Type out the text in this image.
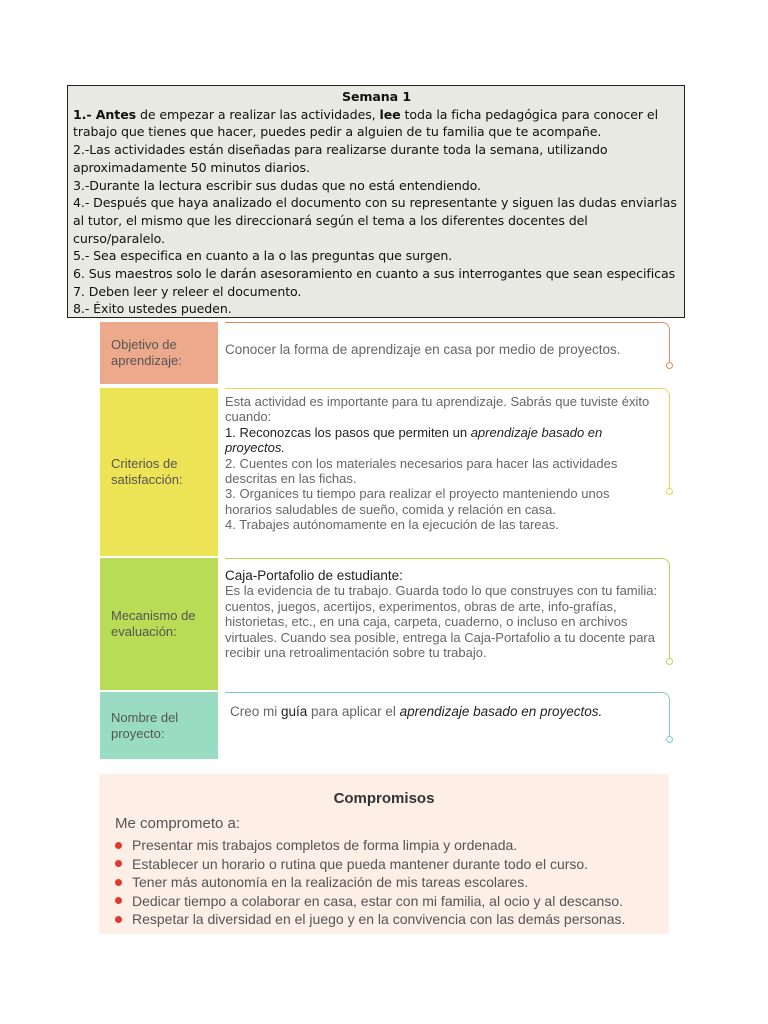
Semana 1

1.- Antes de empezar a realizar las actividades, lee toda la ficha pedagógica para conocer el trabajo que tienes que hacer, puedes pedir a alguien de tu familia que te acompañe.

2.-Las actividades están diseñadas para realizarse durante toda la semana, utilizando aproximadamente 50 minutos diarios.

3.-Durante la lectura escribir sus dudas que no está entendiendo.

4.- Después que haya analizado el documento con su representante y siguen las dudas enviarlas al tutor, el mismo que les direccionará según el tema a los diferentes docentes del curso/paralelo.

5.- Sea especifica en cuanto a la o las preguntas que surgen.

6. Sus maestros solo le darán asesoramiento en cuanto a sus interrogantes que sean especificas

7. Deben leer y releer el documento.

8.- Éxito ustedes pueden.

Objetivo de aprendizaje:
Conocer la forma de aprendizaje en casa por medio de proyectos.
Criterios de satisfacción:
Esta actividad es importante para tu aprendizaje. Sabrás que tuviste éxito cuando:
1. Reconozcas los pasos que permiten un aprendizaje basado en proyectos.
2. Cuentes con los materiales necesarios para hacer las actividades descritas en las fichas.
3. Organices tu tiempo para realizar el proyecto manteniendo unos horarios saludables de sueño, comida y relación en casa.
4. Trabajes autónomamente en la ejecución de las tareas.
Mecanismo de evaluación:
Caja-Portafolio de estudiante:
Es la evidencia de tu trabajo. Guarda todo lo que construyes con tu familia: cuentos, juegos, acertijos, experimentos, obras de arte, info-grafías, historietas, etc., en una caja, carpeta, cuaderno, o incluso en archivos virtuales. Cuando sea posible, entrega la Caja-Portafolio a tu docente para recibir una retroalimentación sobre tu trabajo.
Nombre del proyecto:
Creo mi guía para aplicar el aprendizaje basado en proyectos.
Compromisos
Me comprometo a:
Presentar mis trabajos completos de forma limpia y ordenada.
Establecer un horario o rutina que pueda mantener durante todo el curso.
Tener más autonomía en la realización de mis tareas escolares.
Dedicar tiempo a colaborar en casa, estar con mi familia, al ocio y al descanso.
Respetar la diversidad en el juego y en la convivencia con las demás personas.
